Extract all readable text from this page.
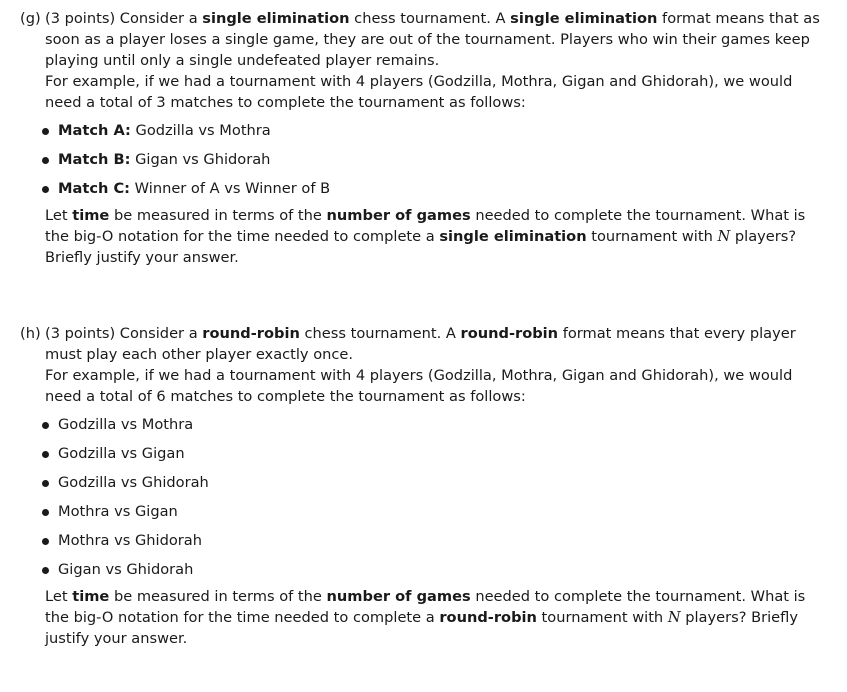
(g) (3 points) Consider a single elimination chess tournament. A single elimination format means that as soon as a player loses a single game, they are out of the tournament. Players who win their games keep playing until only a single undefeated player remains.

For example, if we had a tournament with 4 players (Godzilla, Mothra, Gigan and Ghidorah), we would need a total of 3 matches to complete the tournament as follows:

Match A: Godzilla vs Mothra
Match B: Gigan vs Ghidorah
Match C: Winner of A vs Winner of B

Let time be measured in terms of the number of games needed to complete the tournament. What is the big-O notation for the time needed to complete a single elimination tournament with N players? Briefly justify your answer.

(h) (3 points) Consider a round-robin chess tournament. A round-robin format means that every player must play each other player exactly once.

For example, if we had a tournament with 4 players (Godzilla, Mothra, Gigan and Ghidorah), we would need a total of 6 matches to complete the tournament as follows:

Godzilla vs Mothra
Godzilla vs Gigan
Godzilla vs Ghidorah
Mothra vs Gigan
Mothra vs Ghidorah
Gigan vs Ghidorah

Let time be measured in terms of the number of games needed to complete the tournament. What is the big-O notation for the time needed to complete a round-robin tournament with N players? Briefly justify your answer.
